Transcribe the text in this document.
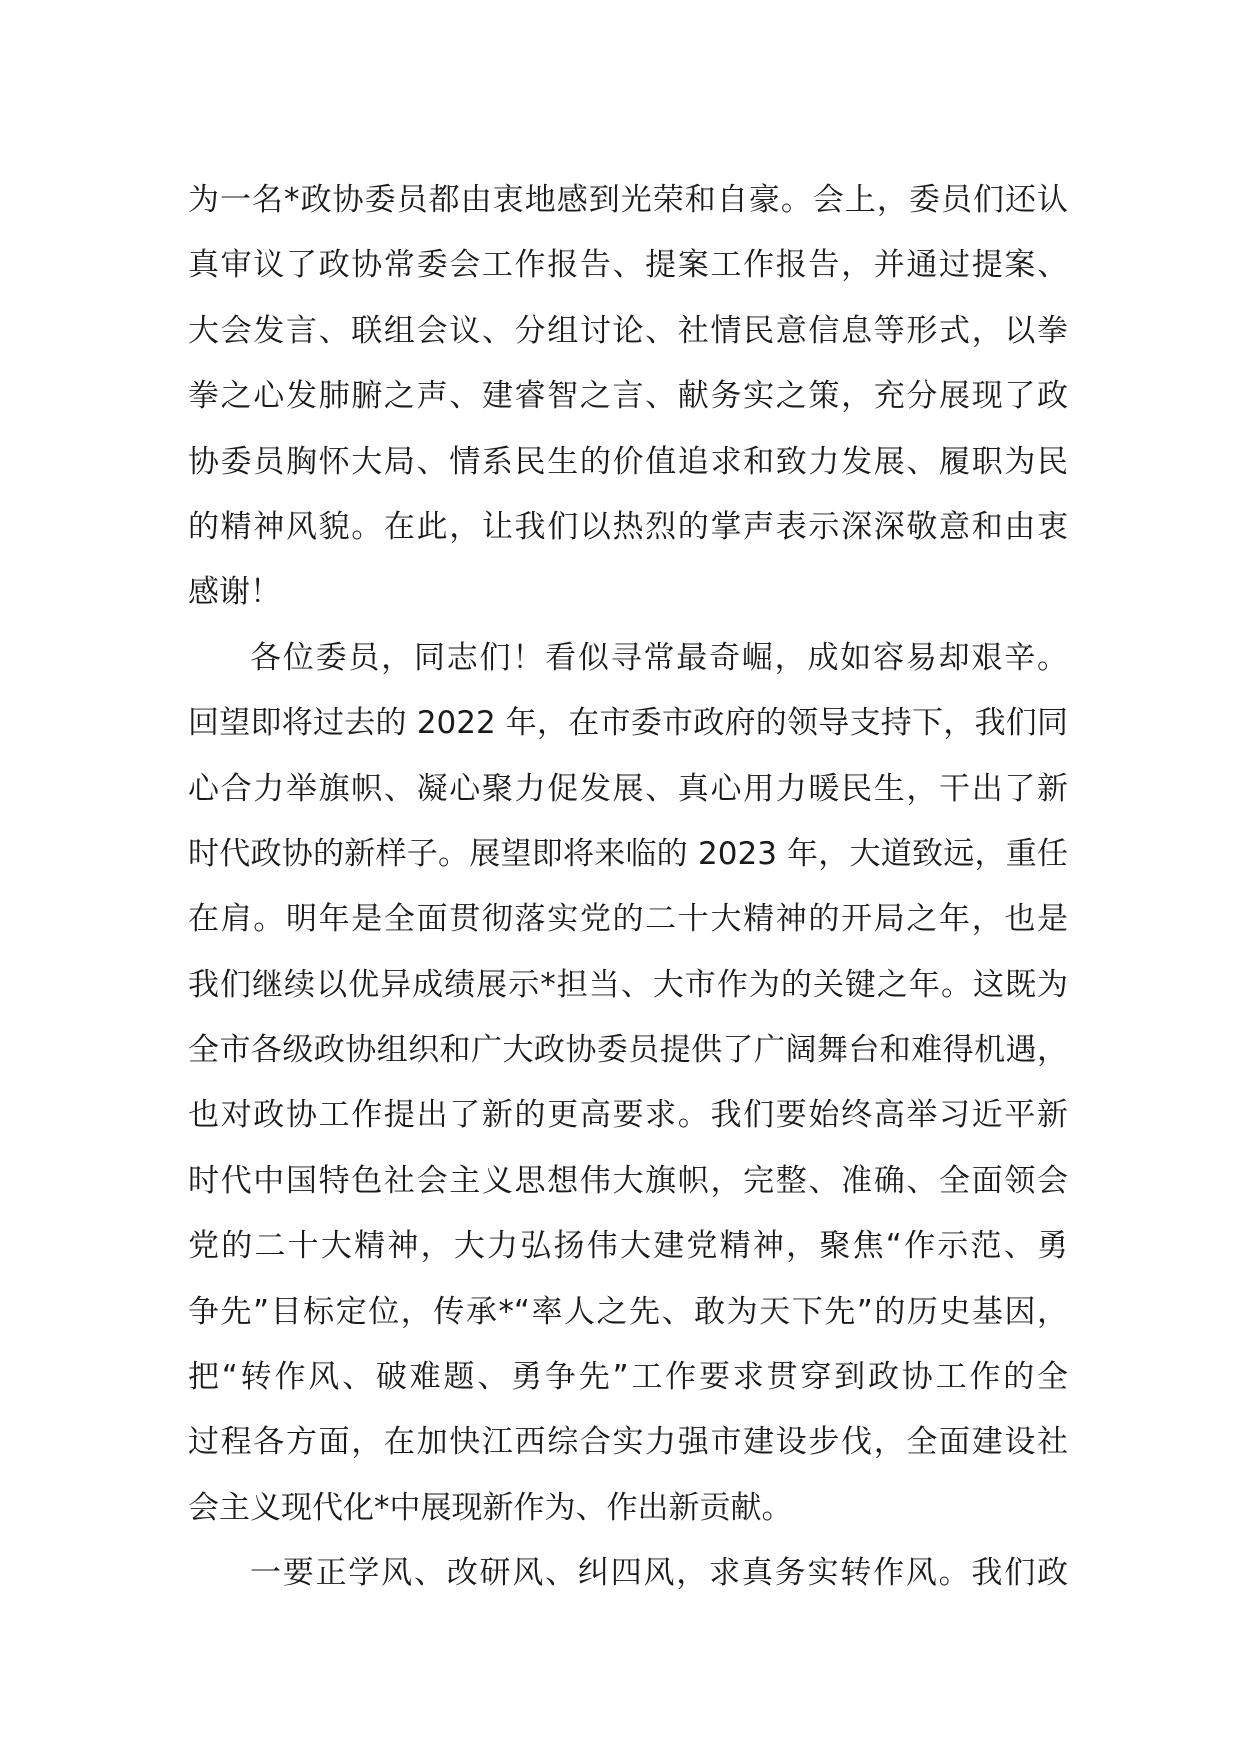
为一名*政协委员都由衷地感到光荣和自豪。会上，委员们还认
真审议了政协常委会工作报告、提案工作报告，并通过提案、
大会发言、联组会议、分组讨论、社情民意信息等形式，以拳
拳之心发肺腑之声、建睿智之言、献务实之策，充分展现了政
协委员胸怀大局、情系民生的价值追求和致力发展、履职为民
的精神风貌。在此，让我们以热烈的掌声表示深深敬意和由衷
感谢！
各位委员，同志们！看似寻常最奇崛，成如容易却艰辛。
回望即将过去的 2022 年，在市委市政府的领导支持下，我们同
心合力举旗帜、凝心聚力促发展、真心用力暖民生，干出了新
时代政协的新样子。展望即将来临的 2023 年，大道致远，重任
在肩。明年是全面贯彻落实党的二十大精神的开局之年，也是
我们继续以优异成绩展示*担当、大市作为的关键之年。这既为
全市各级政协组织和广大政协委员提供了广阔舞台和难得机遇，
也对政协工作提出了新的更高要求。我们要始终高举习近平新
时代中国特色社会主义思想伟大旗帜，完整、准确、全面领会
党的二十大精神，大力弘扬伟大建党精神，聚焦“作示范、勇
争先”目标定位，传承*“率人之先、敢为天下先”的历史基因，
把“转作风、破难题、勇争先”工作要求贯穿到政协工作的全
过程各方面，在加快江西综合实力强市建设步伐，全面建设社
会主义现代化*中展现新作为、作出新贡献。
一要正学风、改研风、纠四风，求真务实转作风。我们政
